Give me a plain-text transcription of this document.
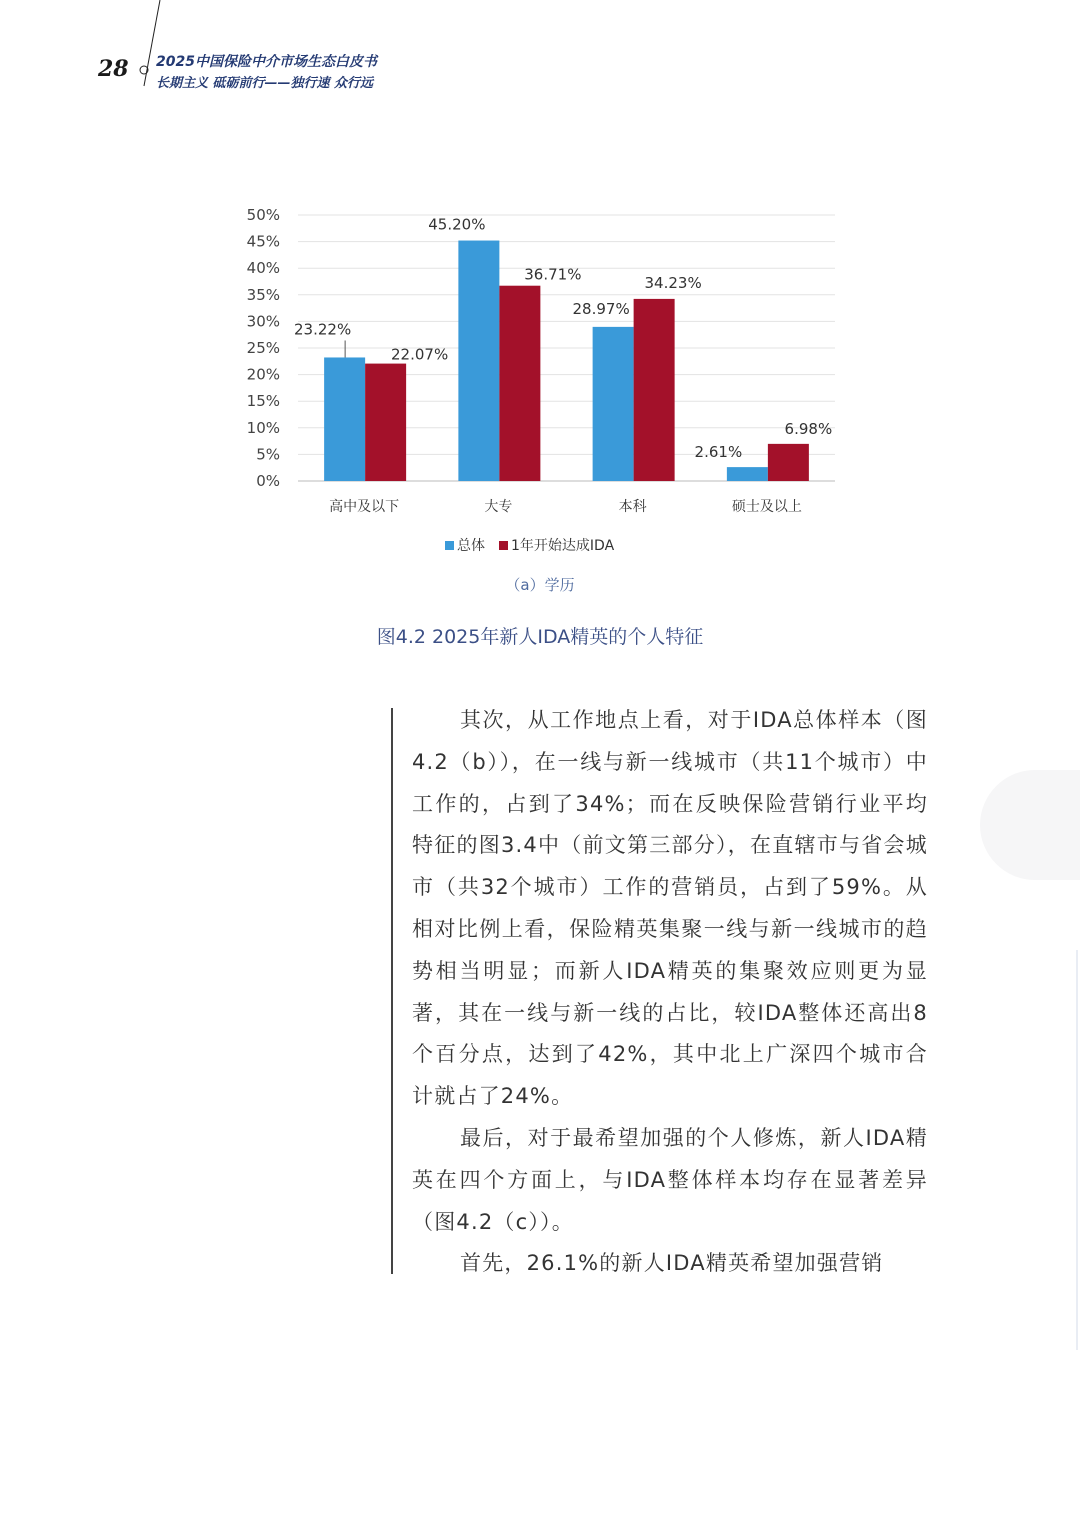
28 2025中国保险中介市场生态白皮书
长期主义 砥砺前行——独行速 众行远
50%
45%
40%
35%
30%
25%
20%
15%
10%
5%
0%
高中及以下	大专	本科	硕士及以上
23.22%
22.07%
45.20%
36.71%
28.97%
34.23%
2.61%
6.98%
总体 1年开始达成IDA
（a）学历
图4.2 2025年新人IDA精英的个人特征

其次，从工作地点上看，对于IDA总体样本（图4.2（b）），在一线与新一线城市（共11个城市）中工作的，占到了34%；而在反映保险营销行业平均特征的图3.4中（前文第三部分），在直辖市与省会城市（共32个城市）工作的营销员，占到了59%。从相对比例上看，保险精英集聚一线与新一线城市的趋势相当明显；而新人IDA精英的集聚效应则更为显著，其在一线与新一线的占比，较IDA整体还高出8个百分点，达到了42%，其中北上广深四个城市合计就占了24%。

最后，对于最希望加强的个人修炼，新人IDA精英在四个方面上，与IDA整体样本均存在显著差异（图4.2（c））。

首先，26.1%的新人IDA精英希望加强营销
